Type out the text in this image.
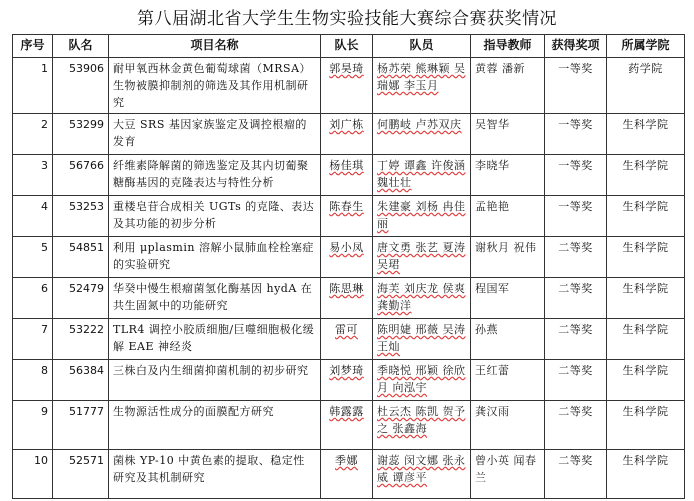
第八届湖北省大学生生物实验技能大赛综合赛获奖情况
序号	队名	项目名称	队长	队员	指导教师	获得奖项	所属学院
1	53906	耐甲氧西林金黄色葡萄球菌（MRSA）生物被膜抑制剂的筛选及其作用机制研究	郭昊琦	杨苏荣 熊琳颖 吴瑞娜 李玉月	黄蓉 潘新	一等奖	药学院
2	53299	大豆 SRS 基因家族鉴定及调控根瘤的发育	刘广栋	何鹏岐 卢苏双庆	吴智华	一等奖	生科学院
3	56766	纤维素降解菌的筛选鉴定及其内切葡聚糖酶基因的克隆表达与特性分析	杨佳琪	丁婷 谭鑫 许俊涵 魏壮壮	李晓华	一等奖	生科学院
4	53253	重楼皂苷合成相关 UGTs 的克隆、表达及其功能的初步分析	陈春生	朱建豪 刘杨 冉佳丽	孟艳艳	一等奖	生科学院
5	54851	利用 μplasmin 溶解小鼠肺血栓栓塞症的实验研究	易小凤	唐文勇 张艺 夏涛 吴珺	谢秋月 祝伟	二等奖	生科学院
6	52479	华癸中慢生根瘤菌氢化酶基因 hydA 在共生固氮中的功能研究	陈思琳	海芙 刘庆龙 侯爽 龚勤洋	程国军	二等奖	生科学院
7	53222	TLR4 调控小胶质细胞/巨噬细胞极化缓解 EAE 神经炎	雷可	陈明婕 邢薇 吴涛 王灿	孙燕	二等奖	生科学院
8	56384	三株白及内生细菌抑菌机制的初步研究	刘梦琦	季晓悦 邢颖 徐欣月 向泓宇	王红蕾	二等奖	生科学院
9	51777	生物源活性成分的面膜配方研究	韩露露	杜云杰 陈凯 贺予之 张鑫海	龚汉雨	二等奖	生科学院
10	52571	菌株 YP-10 中黄色素的提取、稳定性研究及其机制研究	季娜	谢蕊 闵文娜 张永威 谭彦平	曾小英 闻春兰	二等奖	生科学院
